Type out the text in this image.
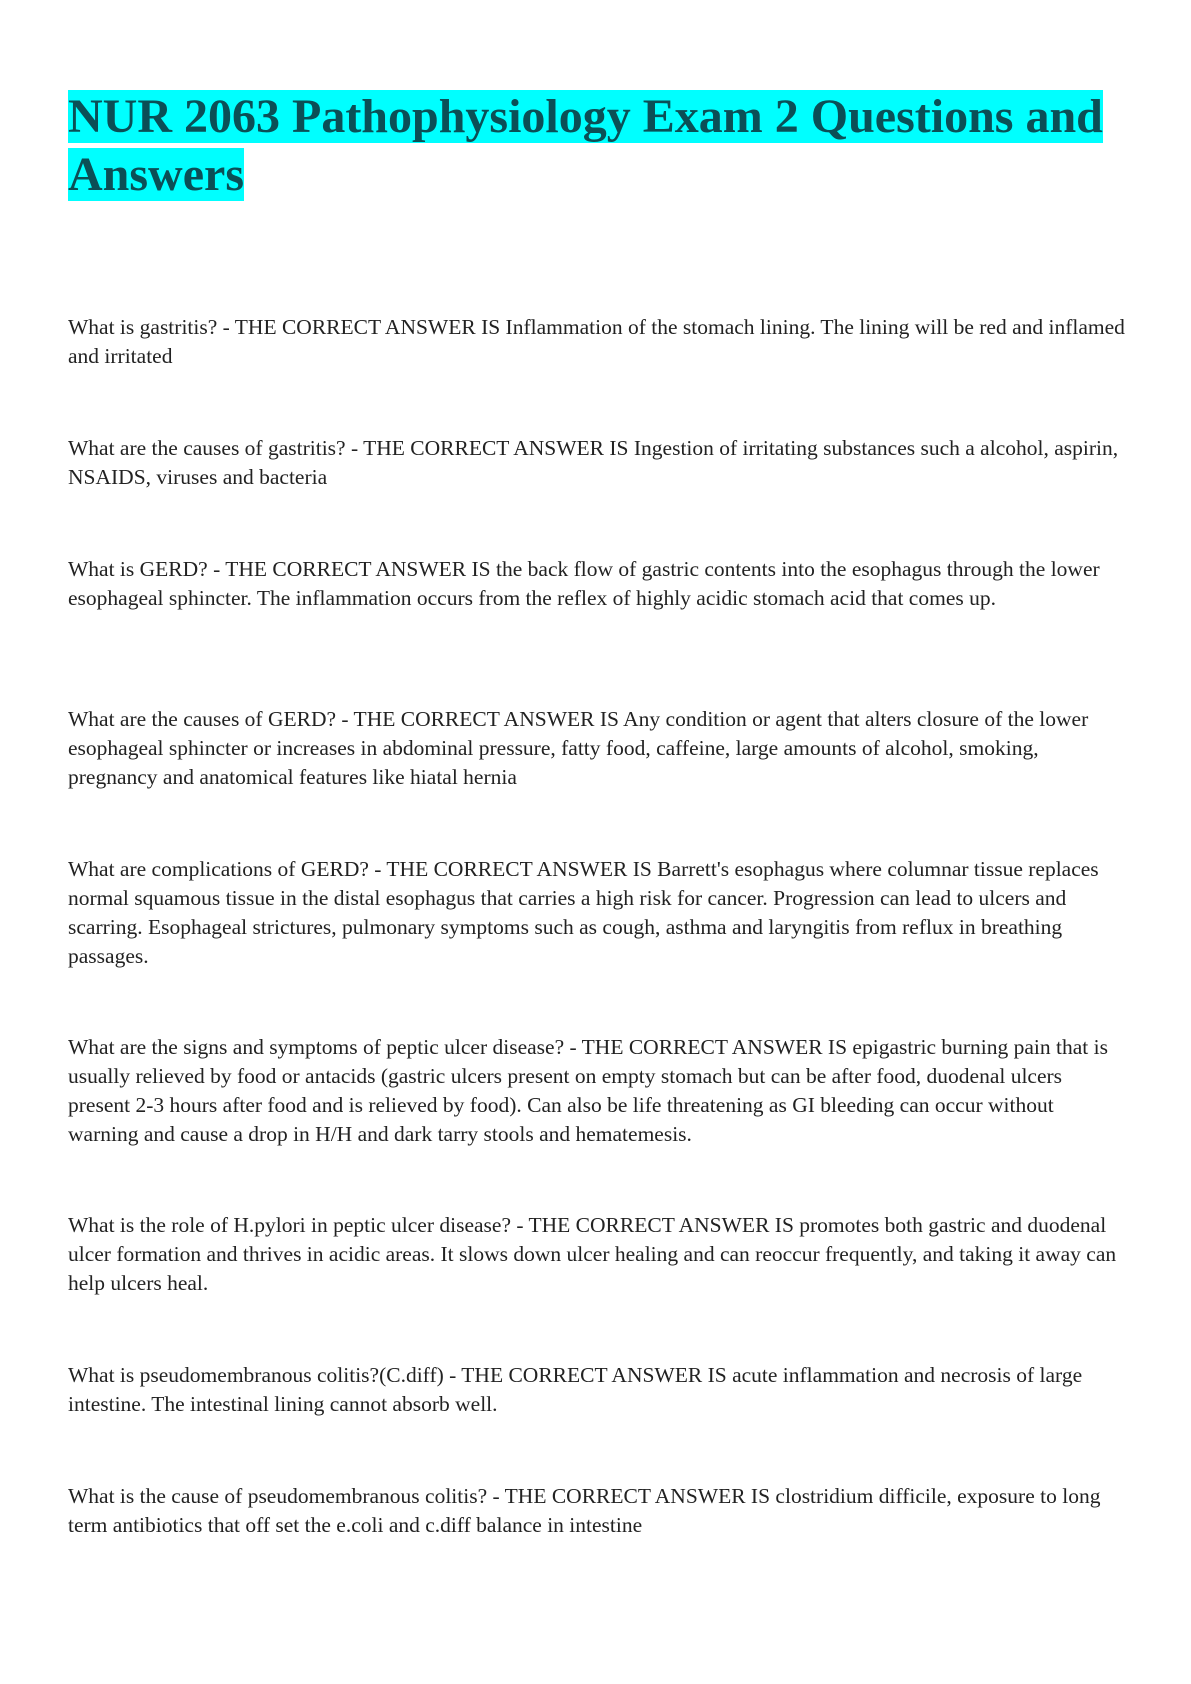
NUR 2063 Pathophysiology Exam 2 Questions and Answers

What is gastritis? - THE CORRECT ANSWER IS Inflammation of the stomach lining. The lining will be red and inflamed and irritated

What are the causes of gastritis? - THE CORRECT ANSWER IS Ingestion of irritating substances such a alcohol, aspirin, NSAIDS, viruses and bacteria

What is GERD? - THE CORRECT ANSWER IS the back flow of gastric contents into the esophagus through the lower esophageal sphincter. The inflammation occurs from the reflex of highly acidic stomach acid that comes up.

What are the causes of GERD? - THE CORRECT ANSWER IS Any condition or agent that alters closure of the lower esophageal sphincter or increases in abdominal pressure, fatty food, caffeine, large amounts of alcohol, smoking, pregnancy and anatomical features like hiatal hernia

What are complications of GERD? - THE CORRECT ANSWER IS Barrett's esophagus where columnar tissue replaces normal squamous tissue in the distal esophagus that carries a high risk for cancer. Progression can lead to ulcers and scarring. Esophageal strictures, pulmonary symptoms such as cough, asthma and laryngitis from reflux in breathing passages.

What are the signs and symptoms of peptic ulcer disease? - THE CORRECT ANSWER IS epigastric burning pain that is usually relieved by food or antacids (gastric ulcers present on empty stomach but can be after food, duodenal ulcers present 2-3 hours after food and is relieved by food). Can also be life threatening as GI bleeding can occur without warning and cause a drop in H/H and dark tarry stools and hematemesis.

What is the role of H.pylori in peptic ulcer disease? - THE CORRECT ANSWER IS promotes both gastric and duodenal ulcer formation and thrives in acidic areas. It slows down ulcer healing and can reoccur frequently, and taking it away can help ulcers heal.

What is pseudomembranous colitis?(C.diff) - THE CORRECT ANSWER IS acute inflammation and necrosis of large intestine. The intestinal lining cannot absorb well.

What is the cause of pseudomembranous colitis? - THE CORRECT ANSWER IS clostridium difficile, exposure to long term antibiotics that off set the e.coli and c.diff balance in intestine
